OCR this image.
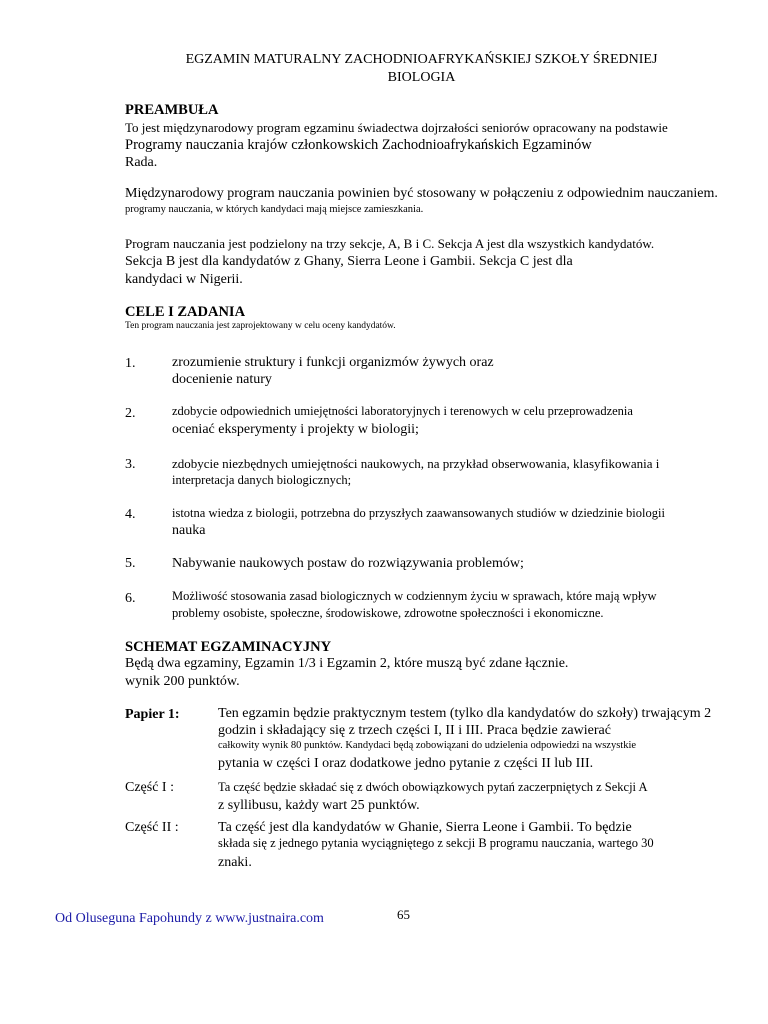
EGZAMIN MATURALNY ZACHODNIOAFRYKAŃSKIEJ SZKOŁY ŚREDNIEJ
BIOLOGIA
PREAMBUŁA
To jest międzynarodowy program egzaminu świadectwa dojrzałości seniorów opracowany na podstawie
Programy nauczania krajów członkowskich Zachodnioafrykańskich Egzaminów
Rada.
Międzynarodowy program nauczania powinien być stosowany w połączeniu z odpowiednim nauczaniem.
programy nauczania, w których kandydaci mają miejsce zamieszkania.
Program nauczania jest podzielony na trzy sekcje, A, B i C. Sekcja A jest dla wszystkich kandydatów.
Sekcja B jest dla kandydatów z Ghany, Sierra Leone i Gambii. Sekcja C jest dla
kandydaci w Nigerii.
CELE I ZADANIA
Ten program nauczania jest zaprojektowany w celu oceny kandydatów.
1.	zrozumienie struktury i funkcji organizmów żywych oraz
docenienie natury
2.	zdobycie odpowiednich umiejętności laboratoryjnych i terenowych w celu przeprowadzenia
oceniać eksperymenty i projekty w biologii;
3.	zdobycie niezbędnych umiejętności naukowych, na przykład obserwowania, klasyfikowania i
interpretacja danych biologicznych;
4.	istotna wiedza z biologii, potrzebna do przyszłych zaawansowanych studiów w dziedzinie biologii
nauka
5.	Nabywanie naukowych postaw do rozwiązywania problemów;
6.	Możliwość stosowania zasad biologicznych w codziennym życiu w sprawach, które mają wpływ
problemy osobiste, społeczne, środowiskowe, zdrowotne społeczności i ekonomiczne.
SCHEMAT EGZAMINACYJNY
Będą dwa egzaminy, Egzamin 1/3 i Egzamin 2, które muszą być zdane łącznie.
wynik 200 punktów.
Papier 1:	Ten egzamin będzie praktycznym testem (tylko dla kandydatów do szkoły) trwającym 2
godzin i składający się z trzech części I, II i III. Praca będzie zawierać
całkowity wynik 80 punktów. Kandydaci będą zobowiązani do udzielenia odpowiedzi na wszystkie
pytania w części I oraz dodatkowe jedno pytanie z części II lub III.
Część I :	Ta część będzie składać się z dwóch obowiązkowych pytań zaczerpniętych z Sekcji A
z syllibusu, każdy wart 25 punktów.
Część II :	Ta część jest dla kandydatów w Ghanie, Sierra Leone i Gambii. To będzie
składa się z jednego pytania wyciągniętego z sekcji B programu nauczania, wartego 30
znaki.
Od Oluseguna Fapohundy z www.justnaira.com	65
